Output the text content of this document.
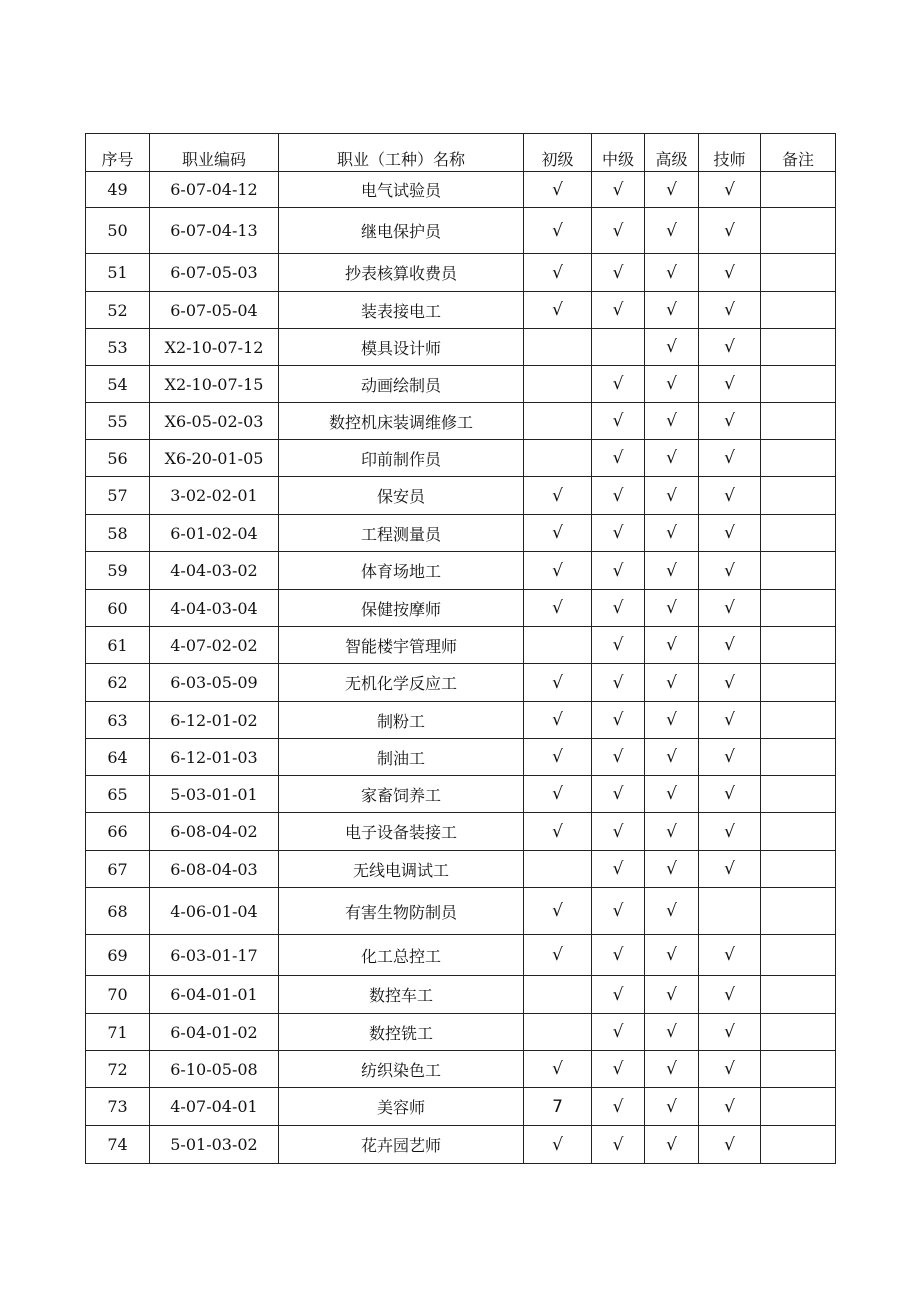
序号	职业编码	职业（工种）名称	初级	中级	高级	技师	备注
49	6-07-04-12	电气试验员	√	√	√	√	
50	6-07-04-13	继电保护员	√	√	√	√	
51	6-07-05-03	抄表核算收费员	√	√	√	√	
52	6-07-05-04	装表接电工	√	√	√	√	
53	X2-10-07-12	模具设计师			√	√	
54	X2-10-07-15	动画绘制员		√	√	√	
55	X6-05-02-03	数控机床装调维修工		√	√	√	
56	X6-20-01-05	印前制作员		√	√	√	
57	3-02-02-01	保安员	√	√	√	√	
58	6-01-02-04	工程测量员	√	√	√	√	
59	4-04-03-02	体育场地工	√	√	√	√	
60	4-04-03-04	保健按摩师	√	√	√	√	
61	4-07-02-02	智能楼宇管理师		√	√	√	
62	6-03-05-09	无机化学反应工	√	√	√	√	
63	6-12-01-02	制粉工	√	√	√	√	
64	6-12-01-03	制油工	√	√	√	√	
65	5-03-01-01	家畜饲养工	√	√	√	√	
66	6-08-04-02	电子设备装接工	√	√	√	√	
67	6-08-04-03	无线电调试工		√	√	√	
68	4-06-01-04	有害生物防制员	√	√	√		
69	6-03-01-17	化工总控工	√	√	√	√	
70	6-04-01-01	数控车工		√	√	√	
71	6-04-01-02	数控铣工		√	√	√	
72	6-10-05-08	纺织染色工	√	√	√	√	
73	4-07-04-01	美容师	7	√	√	√	
74	5-01-03-02	花卉园艺师	√	√	√	√	
